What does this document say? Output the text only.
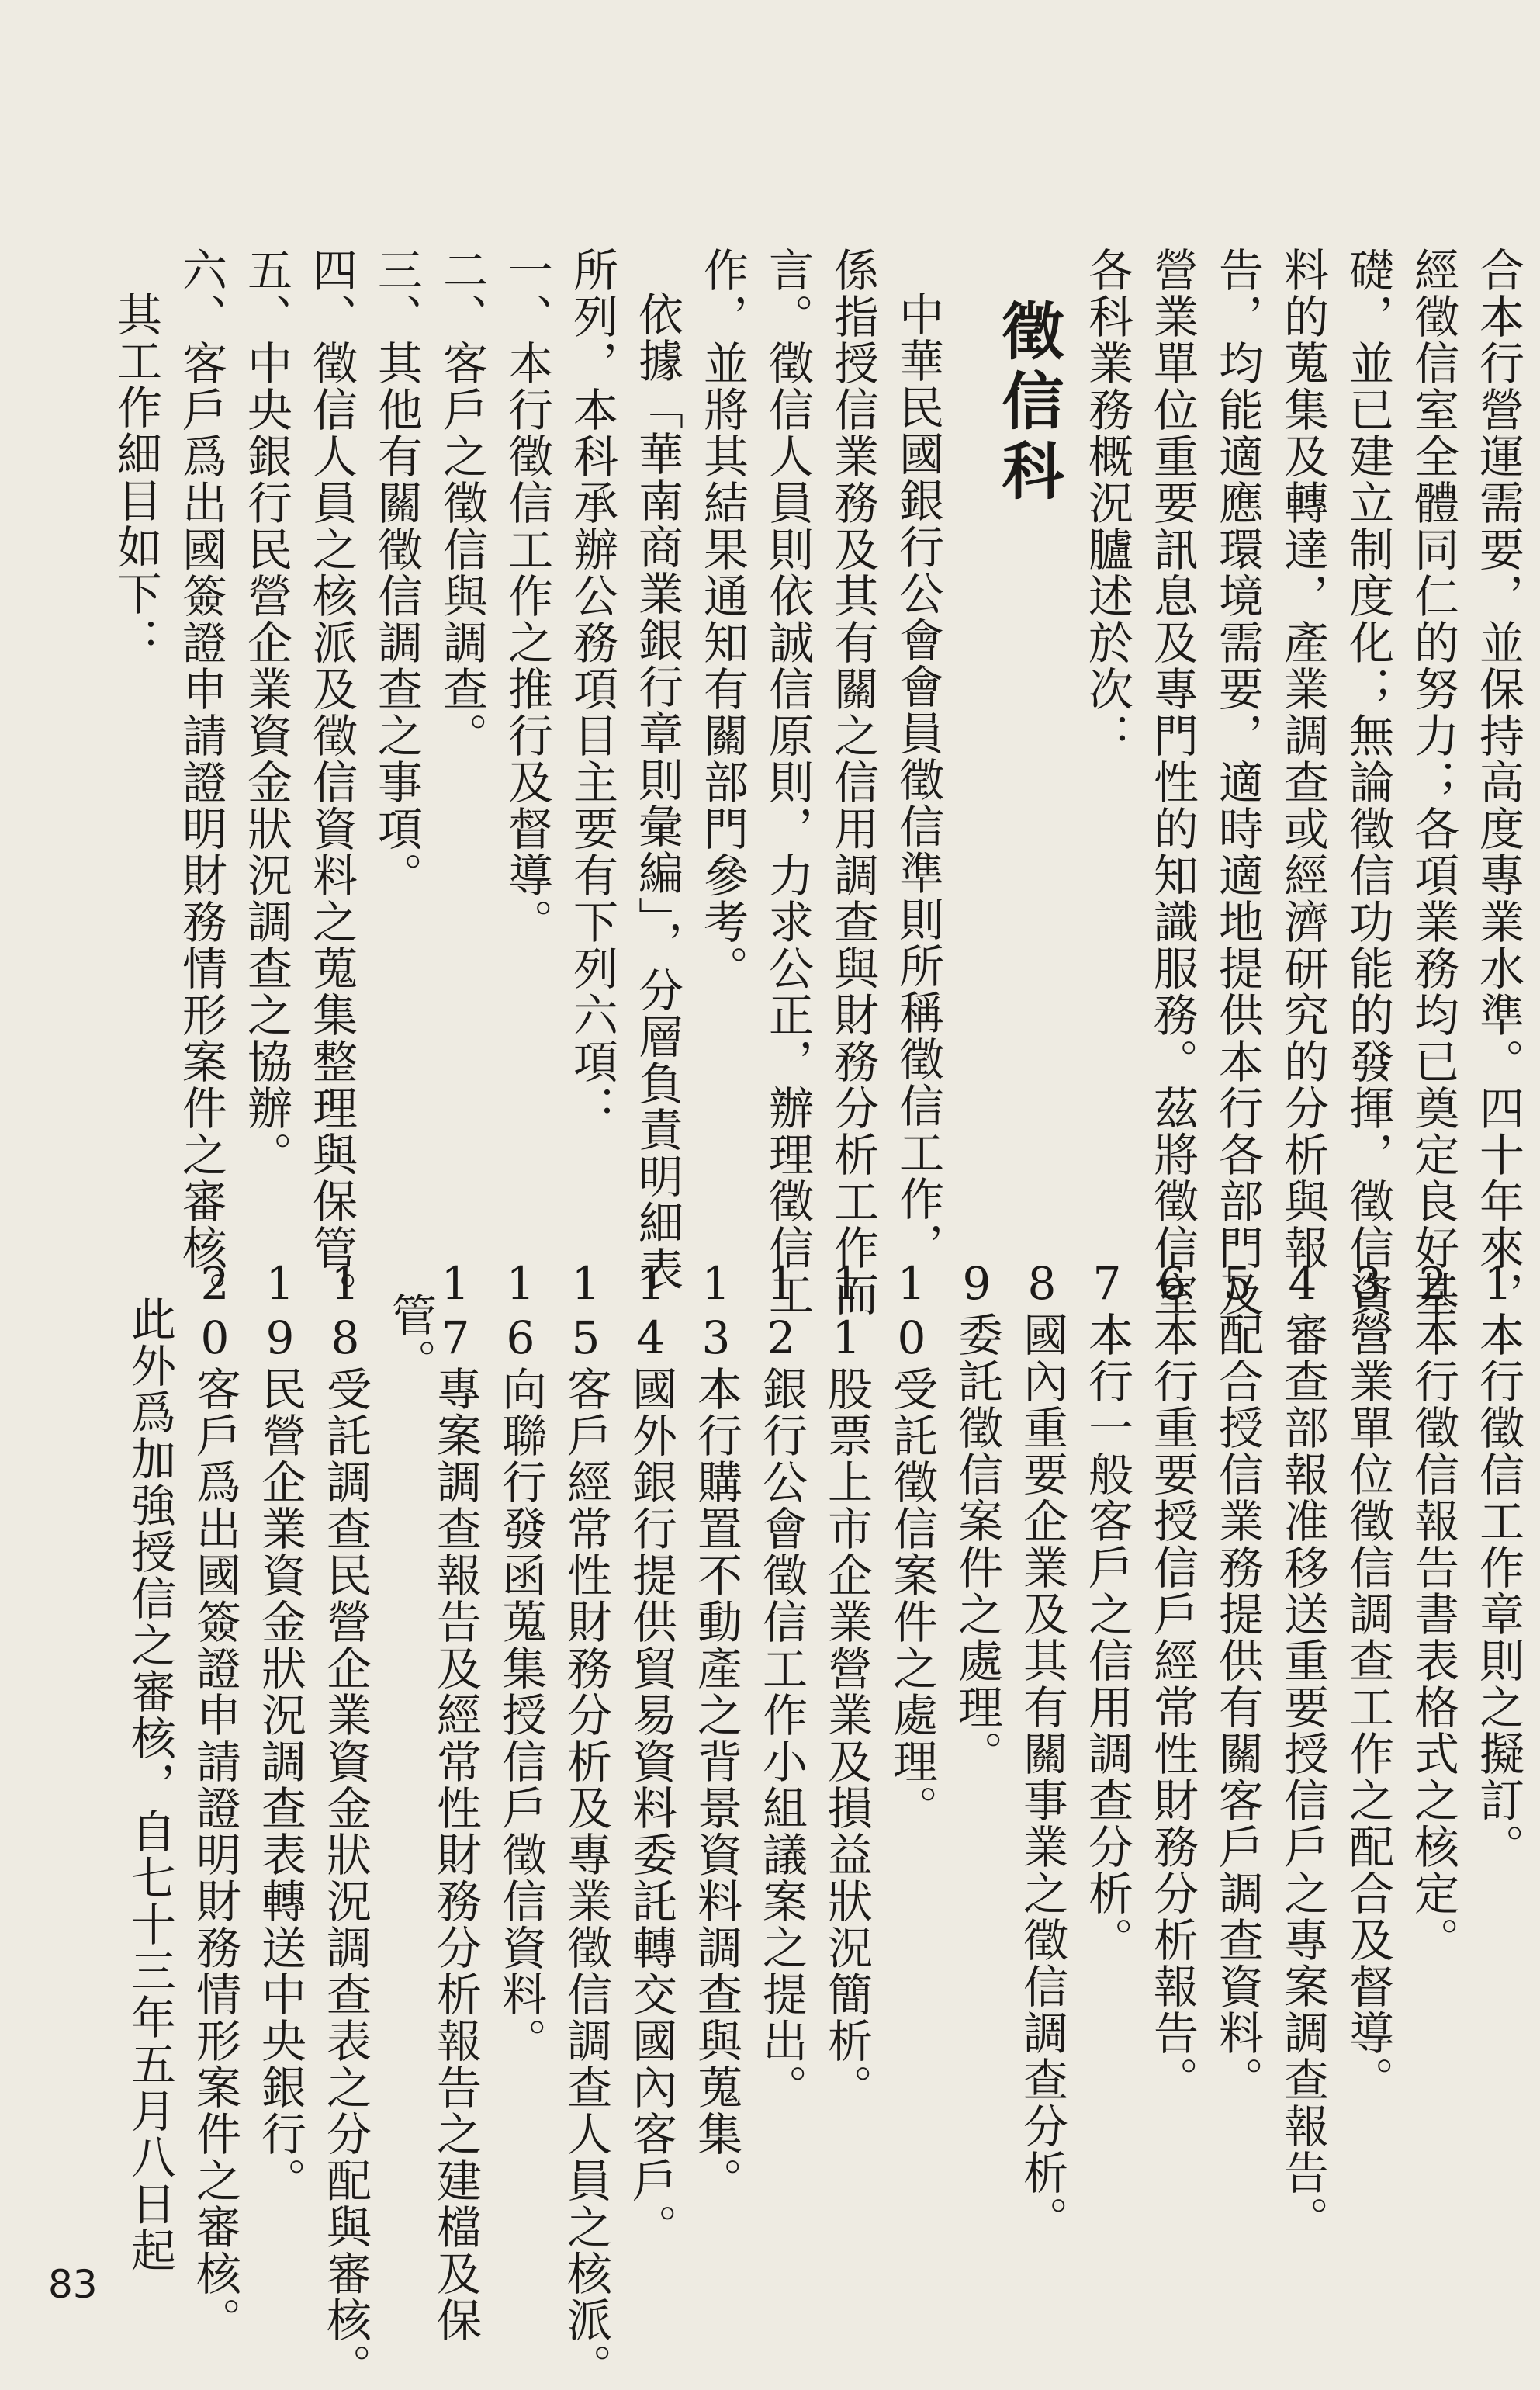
合本行營運需要，並保持高度專業水準。四十年來，
經徵信室全體同仁的努力；各項業務均已奠定良好基
礎，並已建立制度化；無論徵信功能的發揮，徵信資
料的蒐集及轉達，產業調查或經濟研究的分析與報
告，均能適應環境需要，適時適地提供本行各部門及
營業單位重要訊息及專門性的知識服務。茲將徵信室
各科業務概況臚述於次：
徵信科
中華民國銀行公會會員徵信準則所稱徵信工作，
係指授信業務及其有關之信用調查與財務分析工作而
言。徵信人員則依誠信原則，力求公正，辦理徵信工
作，並將其結果通知有關部門參考。
依據「華南商業銀行章則彙編」，分層負責明細表
所列，本科承辦公務項目主要有下列六項：
一、本行徵信工作之推行及督導。
二、客戶之徵信與調查。
三、其他有關徵信調查之事項。
四、徵信人員之核派及徵信資料之蒐集整理與保管。
五、中央銀行民營企業資金狀況調查之協辦。
六、客戶爲出國簽證申請證明財務情形案件之審核。
其工作細目如下：
1本行徵信工作章則之擬訂。
2本行徵信報告書表格式之核定。
3營業單位徵信調查工作之配合及督導。
4審查部報准移送重要授信戶之專案調查報告。
5配合授信業務提供有關客戶調查資料。
6本行重要授信戶經常性財務分析報告。
7本行一般客戶之信用調查分析。
8國內重要企業及其有關事業之徵信調查分析。
9委託徵信案件之處理。
10受託徵信案件之處理。
11股票上市企業營業及損益狀況簡析。
12銀行公會徵信工作小組議案之提出。
13本行購置不動產之背景資料調查與蒐集。
14國外銀行提供貿易資料委託轉交國內客戶。
15客戶經常性財務分析及專業徵信調查人員之核派。
16向聯行發函蒐集授信戶徵信資料。
17專案調查報告及經常性財務分析報告之建檔及保
管。
18受託調查民營企業資金狀況調查表之分配與審核。
19民營企業資金狀況調查表轉送中央銀行。
20客戶爲出國簽證申請證明財務情形案件之審核。
此外爲加強授信之審核，自七十三年五月八日起
83
